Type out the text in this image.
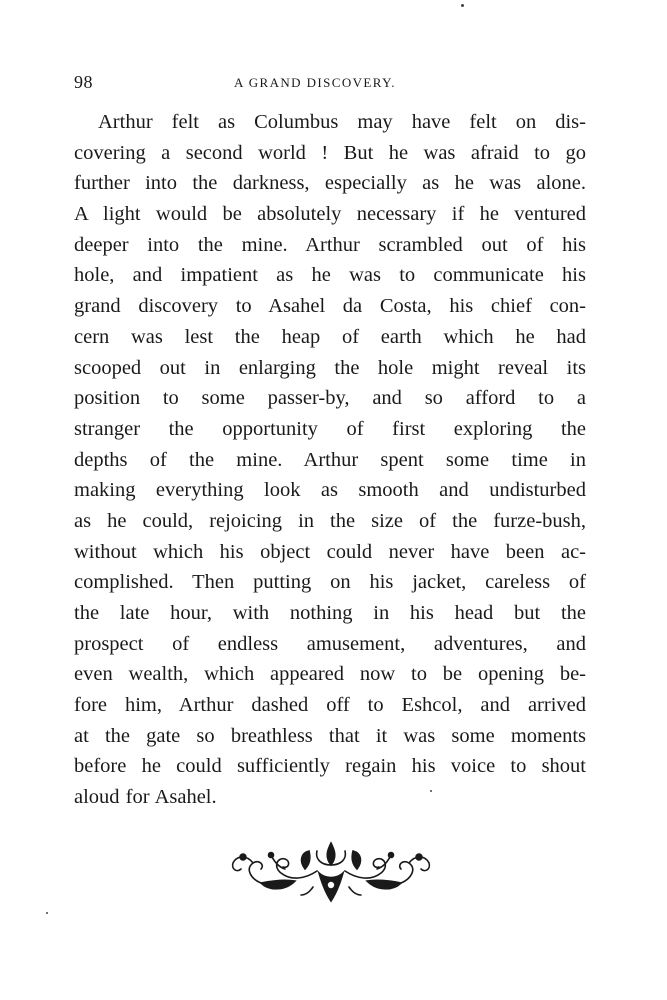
98	A GRAND DISCOVERY.
Arthur felt as Columbus may have felt on dis-
covering a second world ! But he was afraid to go
further into the darkness, especially as he was alone.
A light would be absolutely necessary if he ventured
deeper into the mine. Arthur scrambled out of his
hole, and impatient as he was to communicate his
grand discovery to Asahel da Costa, his chief con-
cern was lest the heap of earth which he had
scooped out in enlarging the hole might reveal its
position to some passer-by, and so afford to a
stranger the opportunity of first exploring the
depths of the mine. Arthur spent some time in
making everything look as smooth and undisturbed
as he could, rejoicing in the size of the furze-bush,
without which his object could never have been ac-
complished. Then putting on his jacket, careless of
the late hour, with nothing in his head but the
prospect of endless amusement, adventures, and
even wealth, which appeared now to be opening be-
fore him, Arthur dashed off to Eshcol, and arrived
at the gate so breathless that it was some moments
before he could sufficiently regain his voice to shout
aloud for Asahel.
